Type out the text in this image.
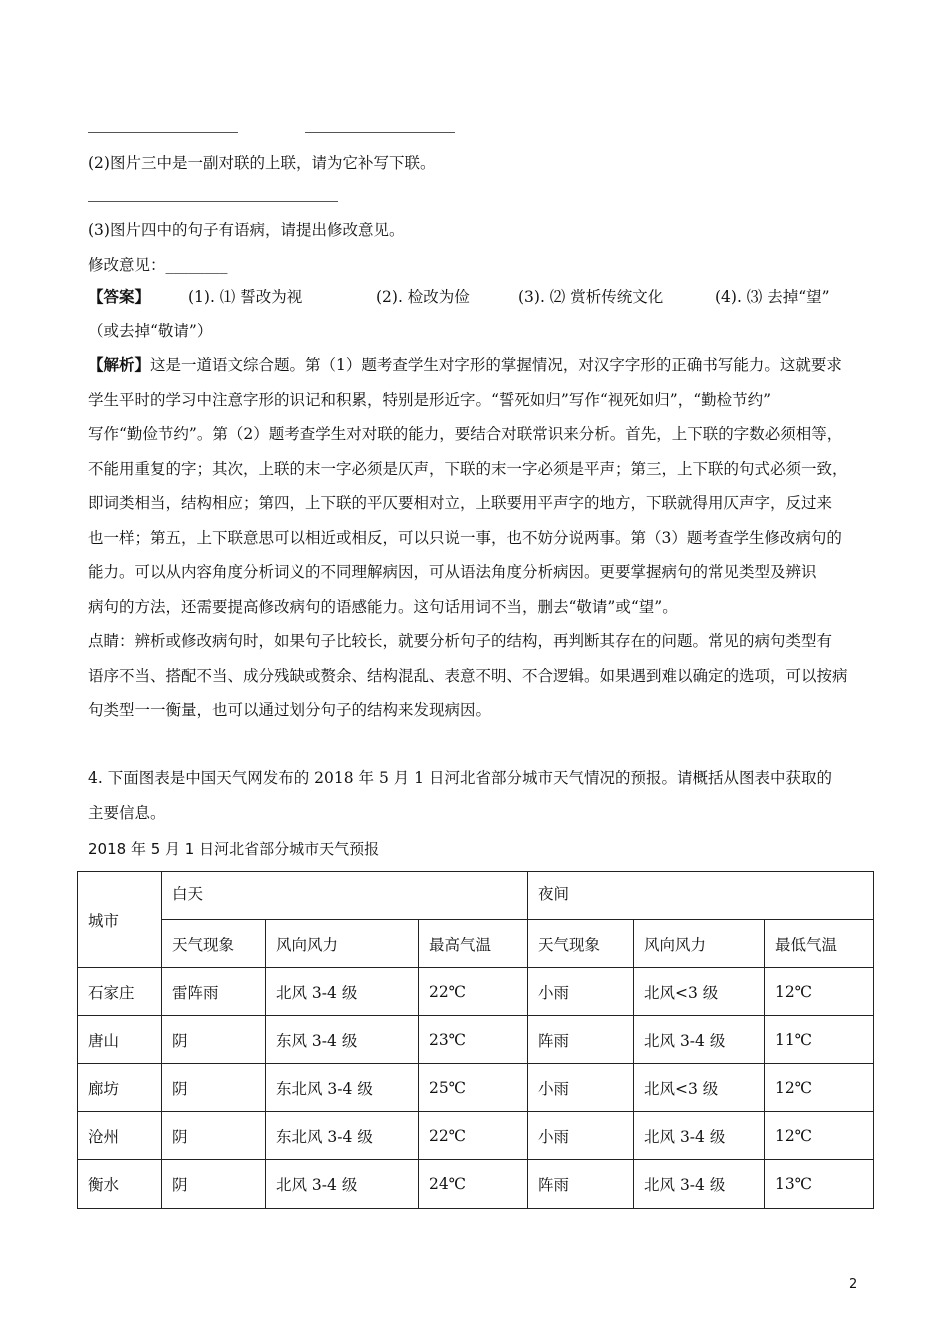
(2)图片三中是一副对联的上联，请为它补写下联。
(3)图片四中的句子有语病，请提出修改意见。
修改意见：________
【答案】 (1). ⑴ 誓改为视	(2). 检改为俭	(3). ⑵ 赏析传统文化	(4). ⑶ 去掉“望”
（或去掉“敬请”）
【解析】这是一道语文综合题。第（1）题考查学生对字形的掌握情况，对汉字字形的正确书写能力。这就要求
学生平时的学习中注意字形的识记和积累，特别是形近字。“誓死如归”写作“视死如归”，“勤检节约”
写作“勤俭节约”。第（2）题考查学生对对联的能力，要结合对联常识来分析。首先，上下联的字数必须相等，
不能用重复的字；其次，上联的末一字必须是仄声，下联的末一字必须是平声；第三，上下联的句式必须一致，
即词类相当，结构相应；第四，上下联的平仄要相对立，上联要用平声字的地方，下联就得用仄声字，反过来
也一样；第五，上下联意思可以相近或相反，可以只说一事，也不妨分说两事。第（3）题考查学生修改病句的
能力。可以从内容角度分析词义的不同理解病因，可从语法角度分析病因。更要掌握病句的常见类型及辨识
病句的方法，还需要提高修改病句的语感能力。这句话用词不当，删去“敬请”或“望”。
点睛：辨析或修改病句时，如果句子比较长，就要分析句子的结构，再判断其存在的问题。常见的病句类型有
语序不当、搭配不当、成分残缺或赘余、结构混乱、表意不明、不合逻辑。如果遇到难以确定的选项，可以按病
句类型一一衡量，也可以通过划分句子的结构来发现病因。
4. 下面图表是中国天气网发布的 2018 年 5 月 1 日河北省部分城市天气情况的预报。请概括从图表中获取的
主要信息。
2018 年 5 月 1 日河北省部分城市天气预报
城市	白天			夜间		
	天气现象	风向风力	最高气温	天气现象	风向风力	最低气温
石家庄	雷阵雨	北风 3-4 级	22℃	小雨	北风<3 级	12℃
唐山	阴	东风 3-4 级	23℃	阵雨	北风 3-4 级	11℃
廊坊	阴	东北风 3-4 级	25℃	小雨	北风<3 级	12℃
沧州	阴	东北风 3-4 级	22℃	小雨	北风 3-4 级	12℃
衡水	阴	北风 3-4 级	24℃	阵雨	北风 3-4 级	13℃
2
